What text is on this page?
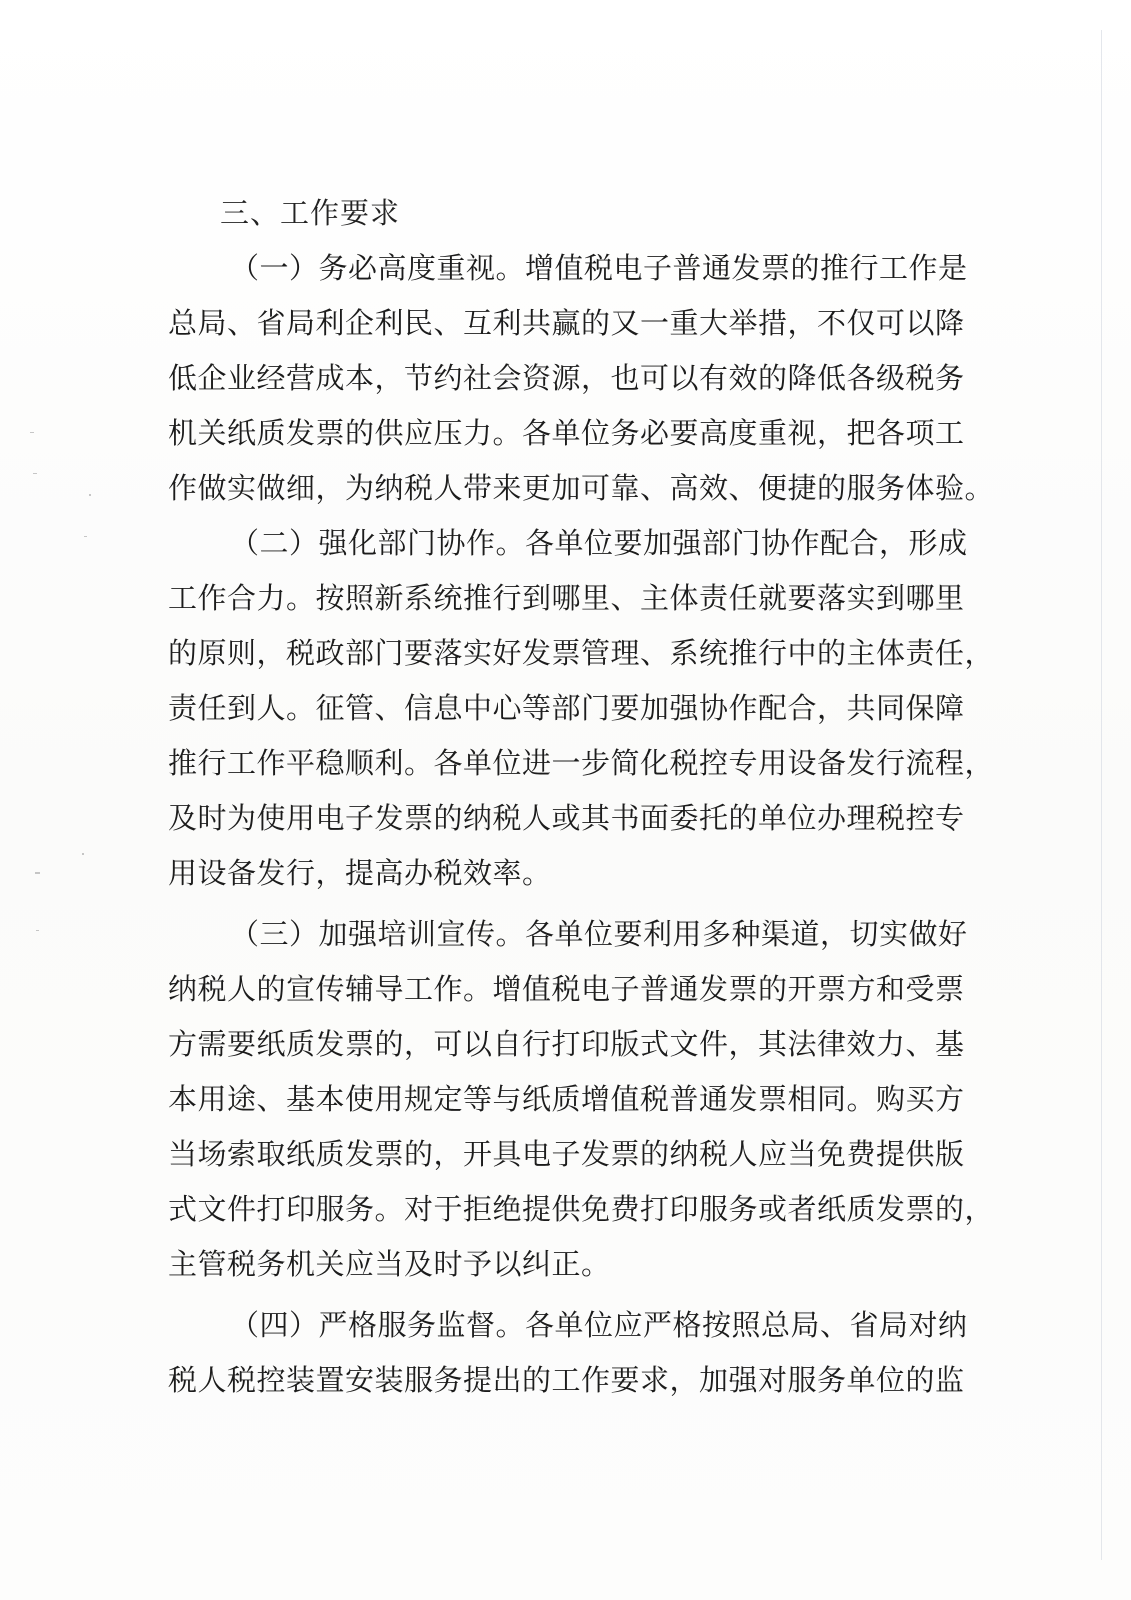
三、工作要求
（一）务必高度重视。增值税电子普通发票的推行工作是
总局、省局利企利民、互利共赢的又一重大举措，不仅可以降
低企业经营成本，节约社会资源，也可以有效的降低各级税务
机关纸质发票的供应压力。各单位务必要高度重视，把各项工
作做实做细，为纳税人带来更加可靠、高效、便捷的服务体验。
（二）强化部门协作。各单位要加强部门协作配合，形成
工作合力。按照新系统推行到哪里、主体责任就要落实到哪里
的原则，税政部门要落实好发票管理、系统推行中的主体责任，
责任到人。征管、信息中心等部门要加强协作配合，共同保障
推行工作平稳顺利。各单位进一步简化税控专用设备发行流程，
及时为使用电子发票的纳税人或其书面委托的单位办理税控专
用设备发行，提高办税效率。
（三）加强培训宣传。各单位要利用多种渠道，切实做好
纳税人的宣传辅导工作。增值税电子普通发票的开票方和受票
方需要纸质发票的，可以自行打印版式文件，其法律效力、基
本用途、基本使用规定等与纸质增值税普通发票相同。购买方
当场索取纸质发票的，开具电子发票的纳税人应当免费提供版
式文件打印服务。对于拒绝提供免费打印服务或者纸质发票的，
主管税务机关应当及时予以纠正。
（四）严格服务监督。各单位应严格按照总局、省局对纳
税人税控装置安装服务提出的工作要求，加强对服务单位的监
